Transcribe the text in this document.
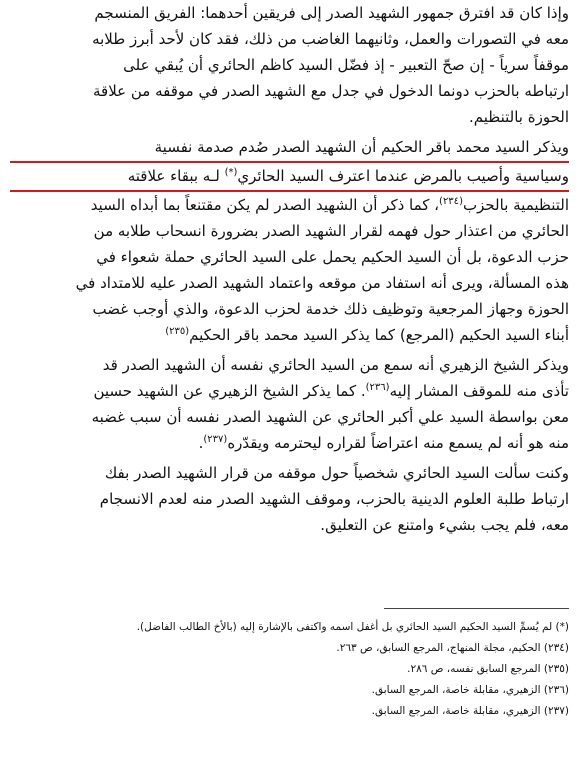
وإذا كان قد افترق جمهور الشهيد الصدر إلى فريقين أحدهما: الفريق المنسجم
معه في التصورات والعمل، وثانيهما الغاضب من ذلك، فقد كان لأحد أبرز طلابه
موقفاً سرياً - إن صحّ التعبير - إذ فضّل السيد كاظم الحائري أن يُبقي على
ارتباطه بالحزب دونما الدخول في جدل مع الشهيد الصدر في موقفه من علاقة
الحوزة بالتنظيم.
ويذكر السيد محمد باقر الحكيم أن الشهيد الصدر صُدم صدمة نفسية
وسياسية وأصيب بالمرض عندما اعترف السيد الحائري(*) لـه ببقاء علاقته
التنظيمية بالحزب$^{(٢٣٤)}$، كما ذكر أن الشهيد الصدر لم يكن مقتنعاً بما أبداه السيد
الحائري من اعتذار حول فهمه لقرار الشهيد الصدر بضرورة انسحاب طلابه من
حزب الدعوة، بل أن السيد الحكيم يحمل على السيد الحائري حملة شعواء في
هذه المسألة، ويرى أنه استفاد من موقعه واعتماد الشهيد الصدر عليه للامتداد في
الحوزة وجهاز المرجعية وتوظيف ذلك خدمة لحزب الدعوة، والذي أوجب غضب
أبناء السيد الحكيم (المرجع) كما يذكر السيد محمد باقر الحكيم$^{(٢٣٥)}$
ويذكر الشيخ الزهيري أنه سمع من السيد الحائري نفسه أن الشهيد الصدر قد
تأذى منه للموقف المشار إليه$^{(٢٣٦)}$. كما يذكر الشيخ الزهيري عن الشهيد حسين
معن بواسطة السيد علي أكبر الحائري عن الشهيد الصدر نفسه أن سبب غضبه
منه هو أنه لم يسمع منه اعتراضاً لقراره ليحترمه ويقدّره$^{(٢٣٧)}$.
وكنت سألت السيد الحائري شخصياً حول موقفه من قرار الشهيد الصدر بفك
ارتباط طلبة العلوم الدينية بالحزب، وموقف الشهيد الصدر منه لعدم الانسجام
معه، فلم يجب بشيء وامتنع عن التعليق.
(*) لم يُسمِّ السيد الحكيم السيد الحائري بل أغفل اسمه واكتفى بالإشارة إليه (بالأخ الطالب الفاضل).
(٢٣٤) الحكيم، مجلة المنهاج، المرجع السابق، ص ٢٦٣.
(٢٣٥) المرجع السابق نفسه، ص ٢٨٦.
(٢٣٦) الزهيري، مقابلة خاصة، المرجع السابق.
(٢٣٧) الزهيري، مقابلة خاصة، المرجع السابق.
